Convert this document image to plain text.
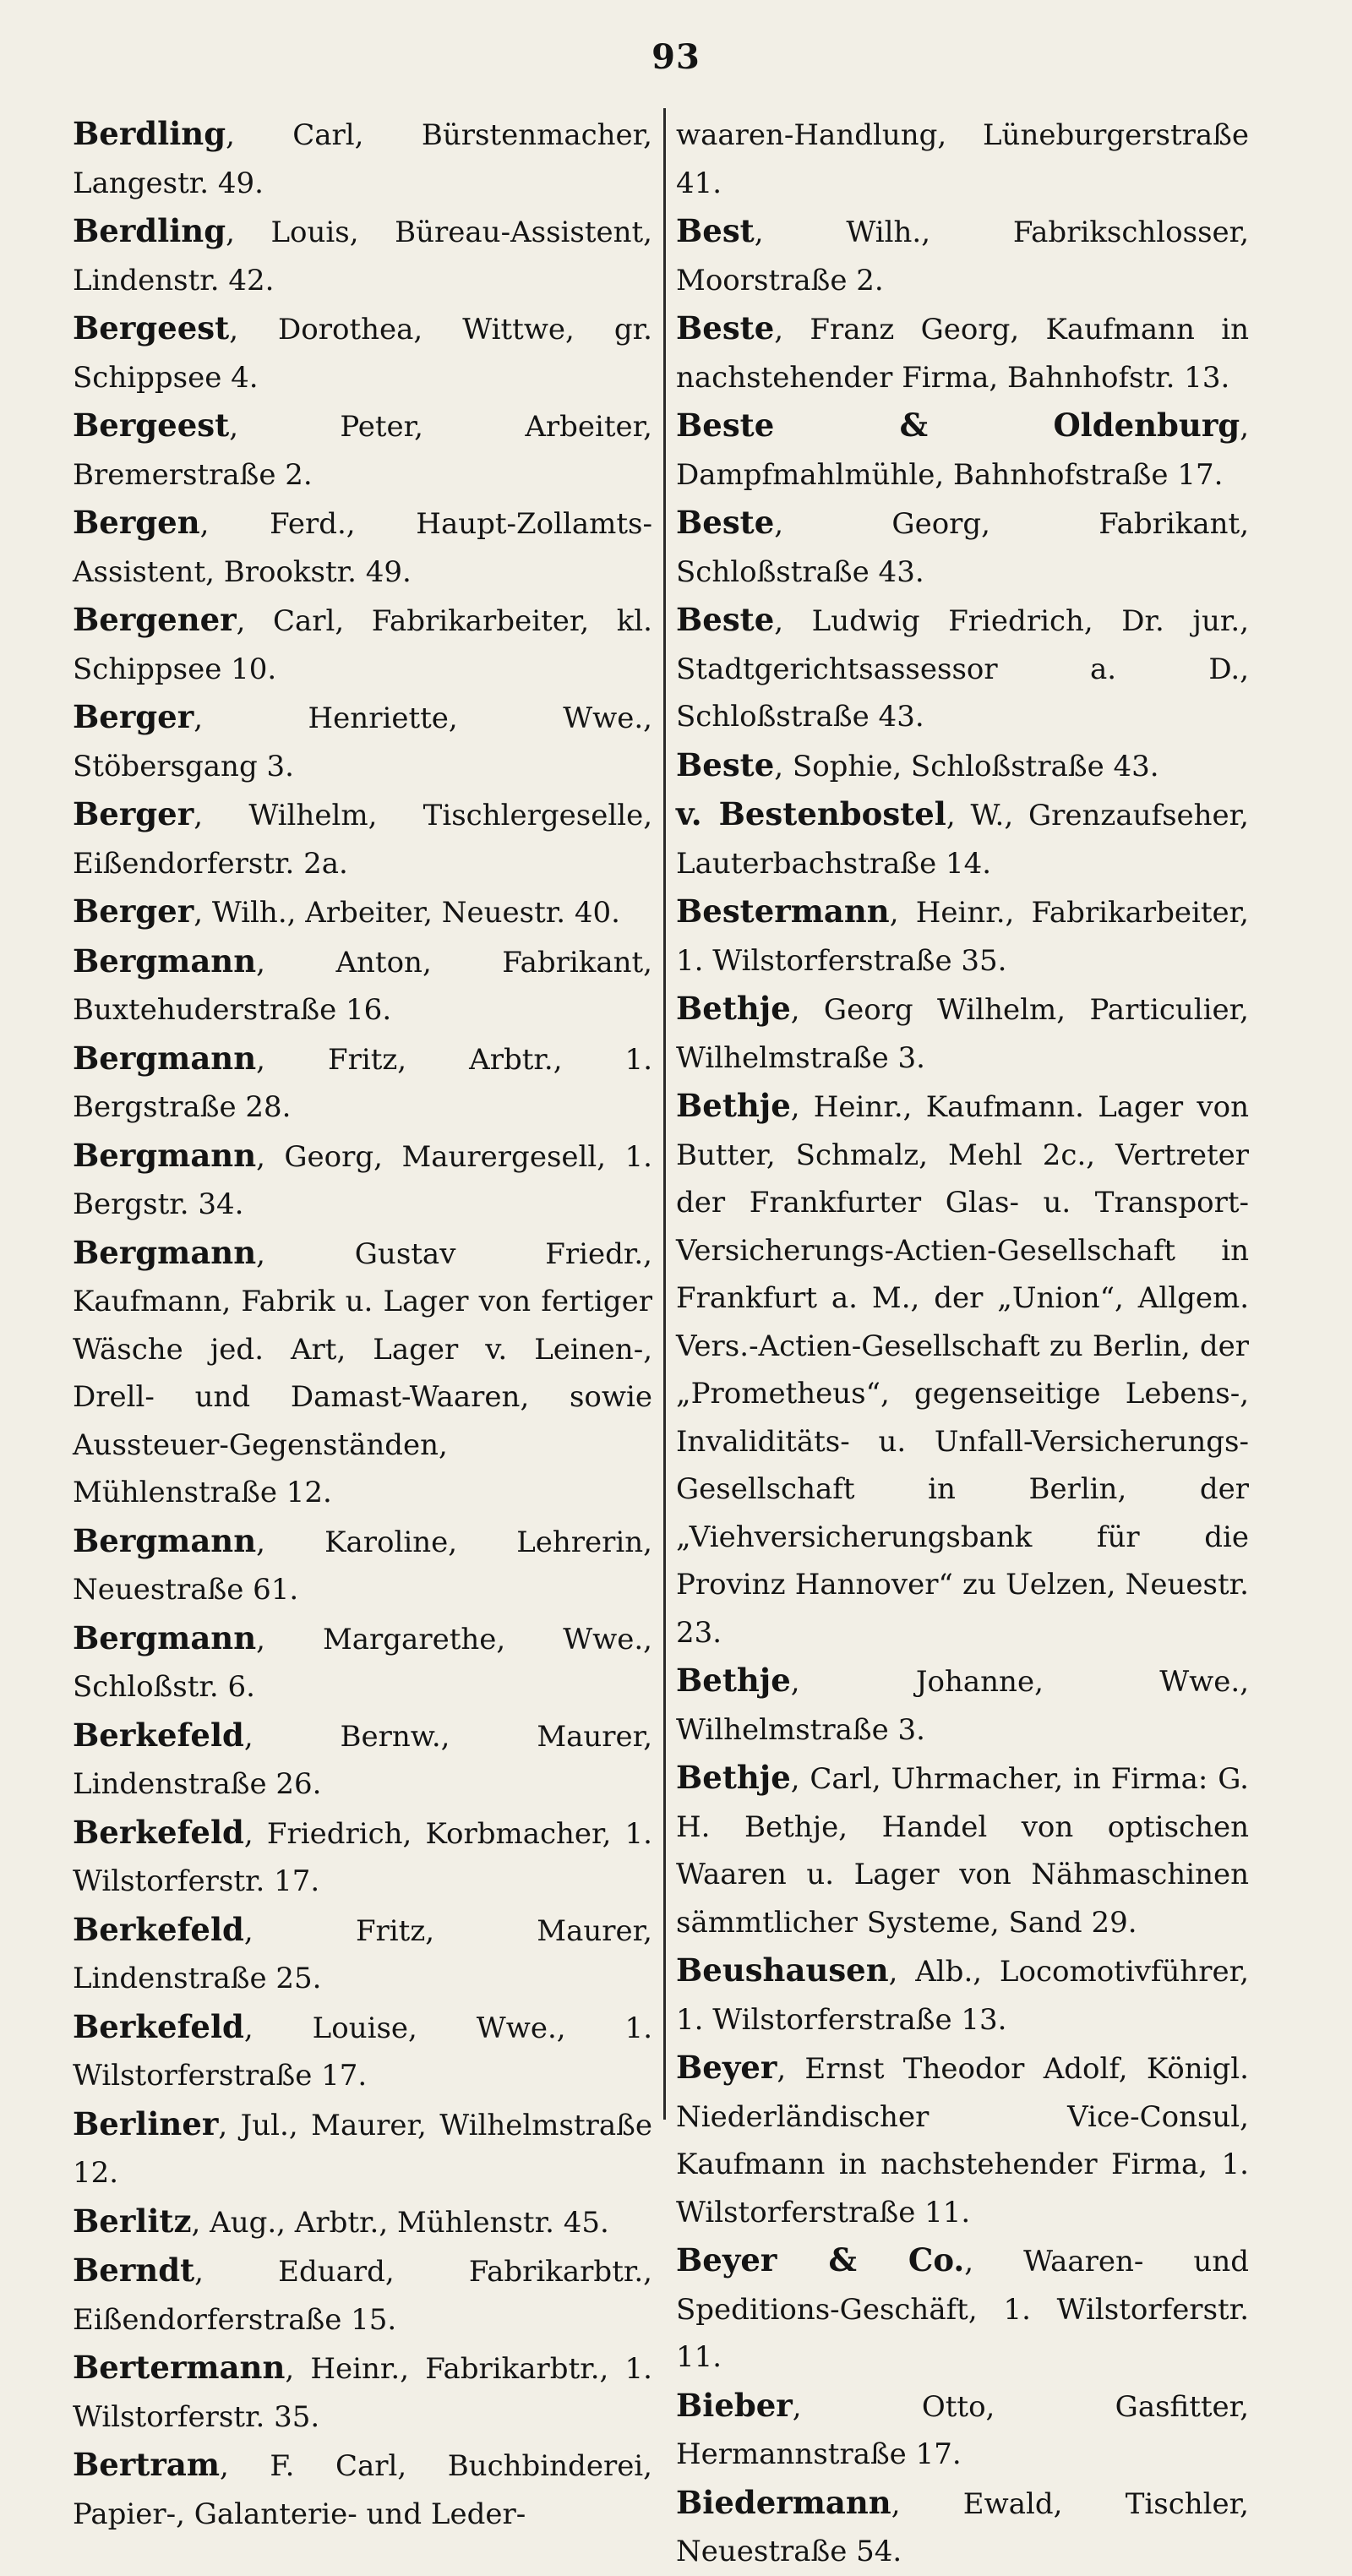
93

Berdling, Carl, Bürstenmacher, Langestr. 49.

Berdling, Louis, Büreau-Assistent, Lindenstr. 42.

Bergeest, Dorothea, Wittwe, gr. Schippsee 4.

Bergeest, Peter, Arbeiter, Bremerstraße 2.

Bergen, Ferd., Haupt-Zollamts-Assistent, Brookstr. 49.

Bergener, Carl, Fabrikarbeiter, kl. Schippsee 10.

Berger, Henriette, Wwe., Stöbersgang 3.

Berger, Wilhelm, Tischlergeselle, Eißendorferstr. 2a.

Berger, Wilh., Arbeiter, Neuestr. 40.

Bergmann, Anton, Fabrikant, Buxtehuderstraße 16.

Bergmann, Fritz, Arbtr., 1. Bergstraße 28.

Bergmann, Georg, Maurergesell, 1. Bergstr. 34.

Bergmann, Gustav Friedr., Kaufmann, Fabrik u. Lager von fertiger Wäsche jed. Art, Lager v. Leinen-, Drell- und Damast-Waaren, sowie Aussteuer-Gegenständen, Mühlenstraße 12.

Bergmann, Karoline, Lehrerin, Neuestraße 61.

Bergmann, Margarethe, Wwe., Schloßstr. 6.

Berkefeld, Bernw., Maurer, Lindenstraße 26.

Berkefeld, Friedrich, Korbmacher, 1. Wilstorferstr. 17.

Berkefeld, Fritz, Maurer, Lindenstraße 25.

Berkefeld, Louise, Wwe., 1. Wilstorferstraße 17.

Berliner, Jul., Maurer, Wilhelmstraße 12.

Berlitz, Aug., Arbtr., Mühlenstr. 45.

Berndt, Eduard, Fabrikarbtr., Eißendorferstraße 15.

Bertermann, Heinr., Fabrikarbtr., 1. Wilstorferstr. 35.

Bertram, F. Carl, Buchbinderei, Papier-, Galanterie- und Leder-

waaren-Handlung, Lüneburgerstraße 41.

Best, Wilh., Fabrikschlosser, Moorstraße 2.

Beste, Franz Georg, Kaufmann in nachstehender Firma, Bahnhofstr. 13.

Beste & Oldenburg, Dampfmahlmühle, Bahnhofstraße 17.

Beste, Georg, Fabrikant, Schloßstraße 43.

Beste, Ludwig Friedrich, Dr. jur., Stadtgerichtsassessor a. D., Schloßstraße 43.

Beste, Sophie, Schloßstraße 43.

v. Bestenbostel, W., Grenzaufseher, Lauterbachstraße 14.

Bestermann, Heinr., Fabrikarbeiter, 1. Wilstorferstraße 35.

Bethje, Georg Wilhelm, Particulier, Wilhelmstraße 3.

Bethje, Heinr., Kaufmann. Lager von Butter, Schmalz, Mehl 2c., Vertreter der Frankfurter Glas- u. Transport-Versicherungs-Actien-Gesellschaft in Frankfurt a. M., der „Union“, Allgem. Vers.-Actien-Gesellschaft zu Berlin, der „Prometheus“, gegenseitige Lebens-, Invaliditäts- u. Unfall-Versicherungs-Gesellschaft in Berlin, der „Viehversicherungsbank für die Provinz Hannover“ zu Uelzen, Neuestr. 23.

Bethje, Johanne, Wwe., Wilhelmstraße 3.

Bethje, Carl, Uhrmacher, in Firma: G. H. Bethje, Handel von optischen Waaren u. Lager von Nähmaschinen sämmtlicher Systeme, Sand 29.

Beushausen, Alb., Locomotivführer, 1. Wilstorferstraße 13.

Beyer, Ernst Theodor Adolf, Königl. Niederländischer Vice-Consul, Kaufmann in nachstehender Firma, 1. Wilstorferstraße 11.

Beyer & Co., Waaren- und Speditions-Geschäft, 1. Wilstorferstr. 11.

Bieber, Otto, Gasfitter, Hermannstraße 17.

Biedermann, Ewald, Tischler, Neuestraße 54.
